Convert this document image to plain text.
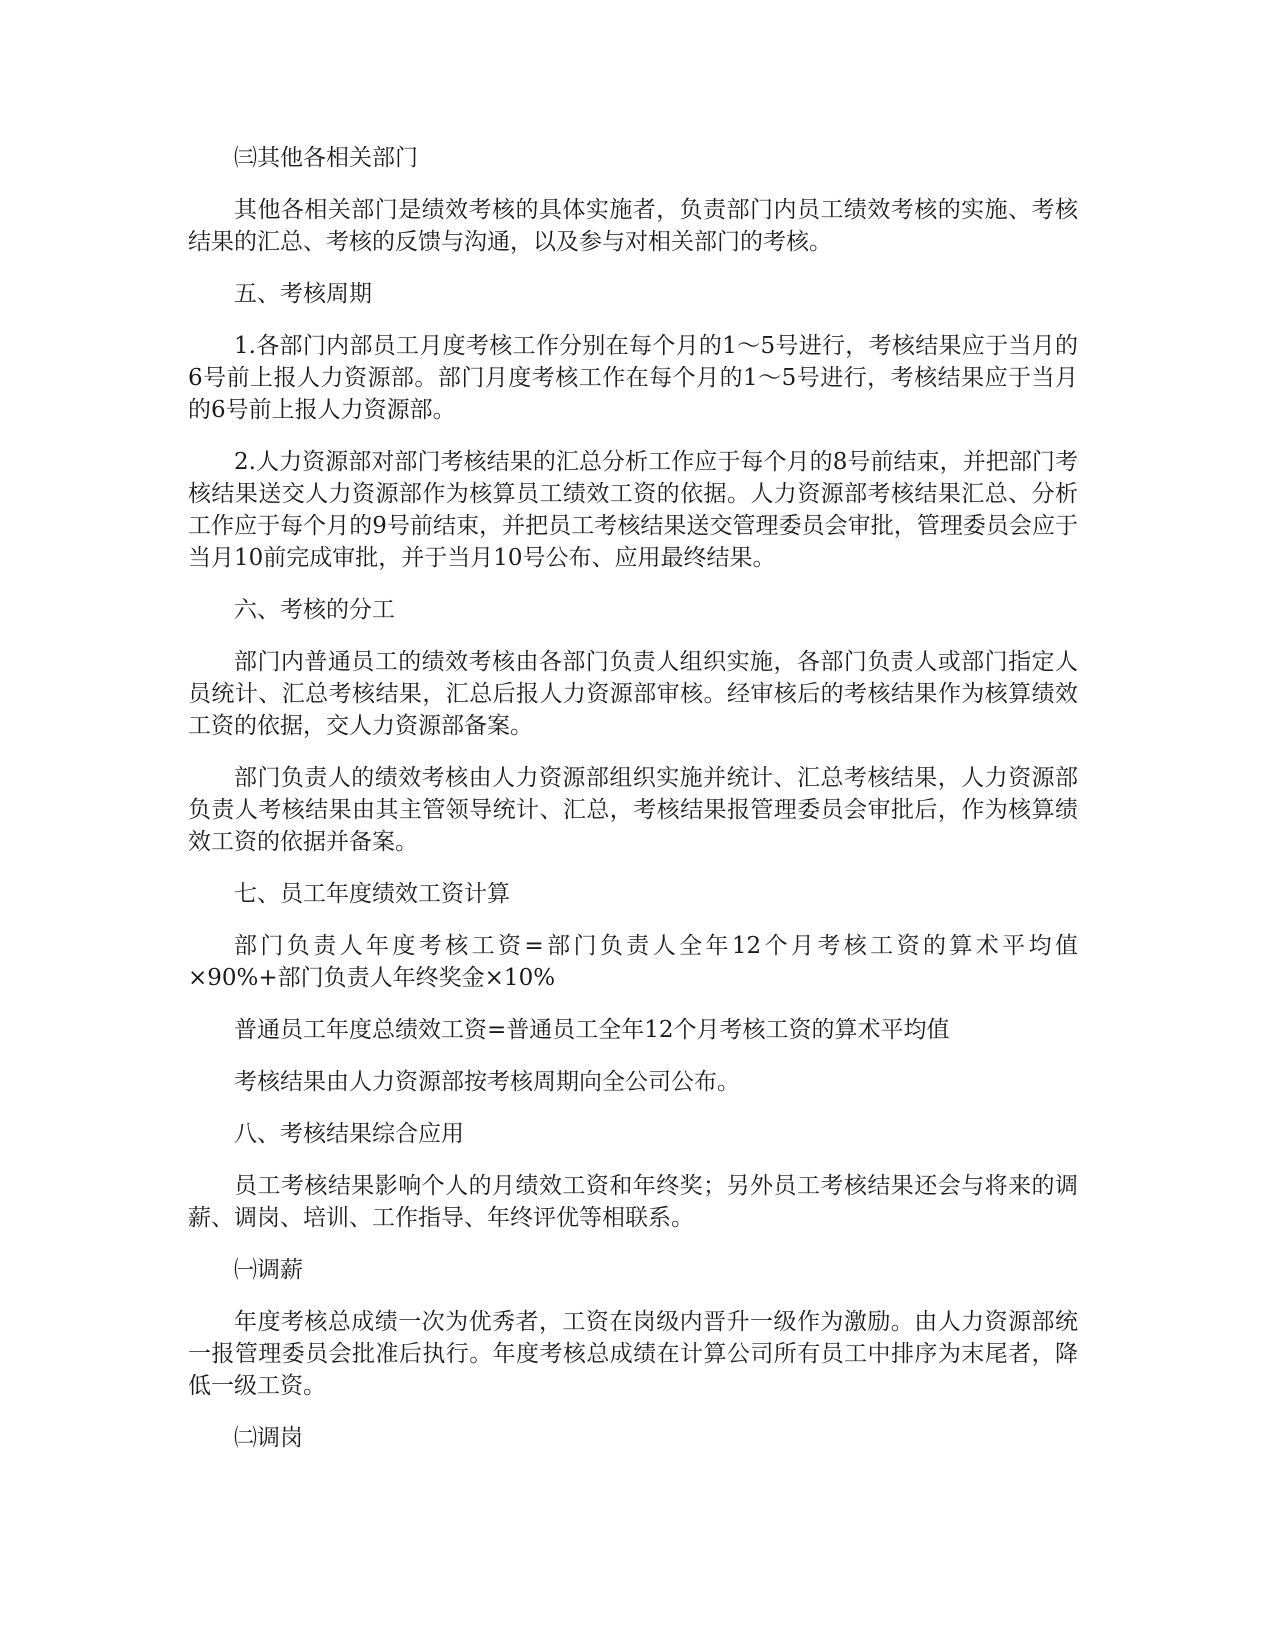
㈢其他各相关部门

其他各相关部门是绩效考核的具体实施者，负责部门内员工绩效考核的实施、考核结果的汇总、考核的反馈与沟通，以及参与对相关部门的考核。

五、考核周期

1.各部门内部员工月度考核工作分别在每个月的1～5号进行，考核结果应于当月的6号前上报人力资源部。部门月度考核工作在每个月的1～5号进行，考核结果应于当月的6号前上报人力资源部。

2.人力资源部对部门考核结果的汇总分析工作应于每个月的8号前结束，并把部门考核结果送交人力资源部作为核算员工绩效工资的依据。人力资源部考核结果汇总、分析工作应于每个月的9号前结束，并把员工考核结果送交管理委员会审批，管理委员会应于当月10前完成审批，并于当月10号公布、应用最终结果。

六、考核的分工

部门内普通员工的绩效考核由各部门负责人组织实施，各部门负责人或部门指定人员统计、汇总考核结果，汇总后报人力资源部审核。经审核后的考核结果作为核算绩效工资的依据，交人力资源部备案。

部门负责人的绩效考核由人力资源部组织实施并统计、汇总考核结果，人力资源部负责人考核结果由其主管领导统计、汇总，考核结果报管理委员会审批后，作为核算绩效工资的依据并备案。

七、员工年度绩效工资计算

部门负责人年度考核工资=部门负责人全年12个月考核工资的算术平均值×90%+部门负责人年终奖金×10%

普通员工年度总绩效工资=普通员工全年12个月考核工资的算术平均值

考核结果由人力资源部按考核周期向全公司公布。

八、考核结果综合应用

员工考核结果影响个人的月绩效工资和年终奖；另外员工考核结果还会与将来的调薪、调岗、培训、工作指导、年终评优等相联系。

㈠调薪

年度考核总成绩一次为优秀者，工资在岗级内晋升一级作为激励。由人力资源部统一报管理委员会批准后执行。年度考核总成绩在计算公司所有员工中排序为末尾者，降低一级工资。

㈡调岗
